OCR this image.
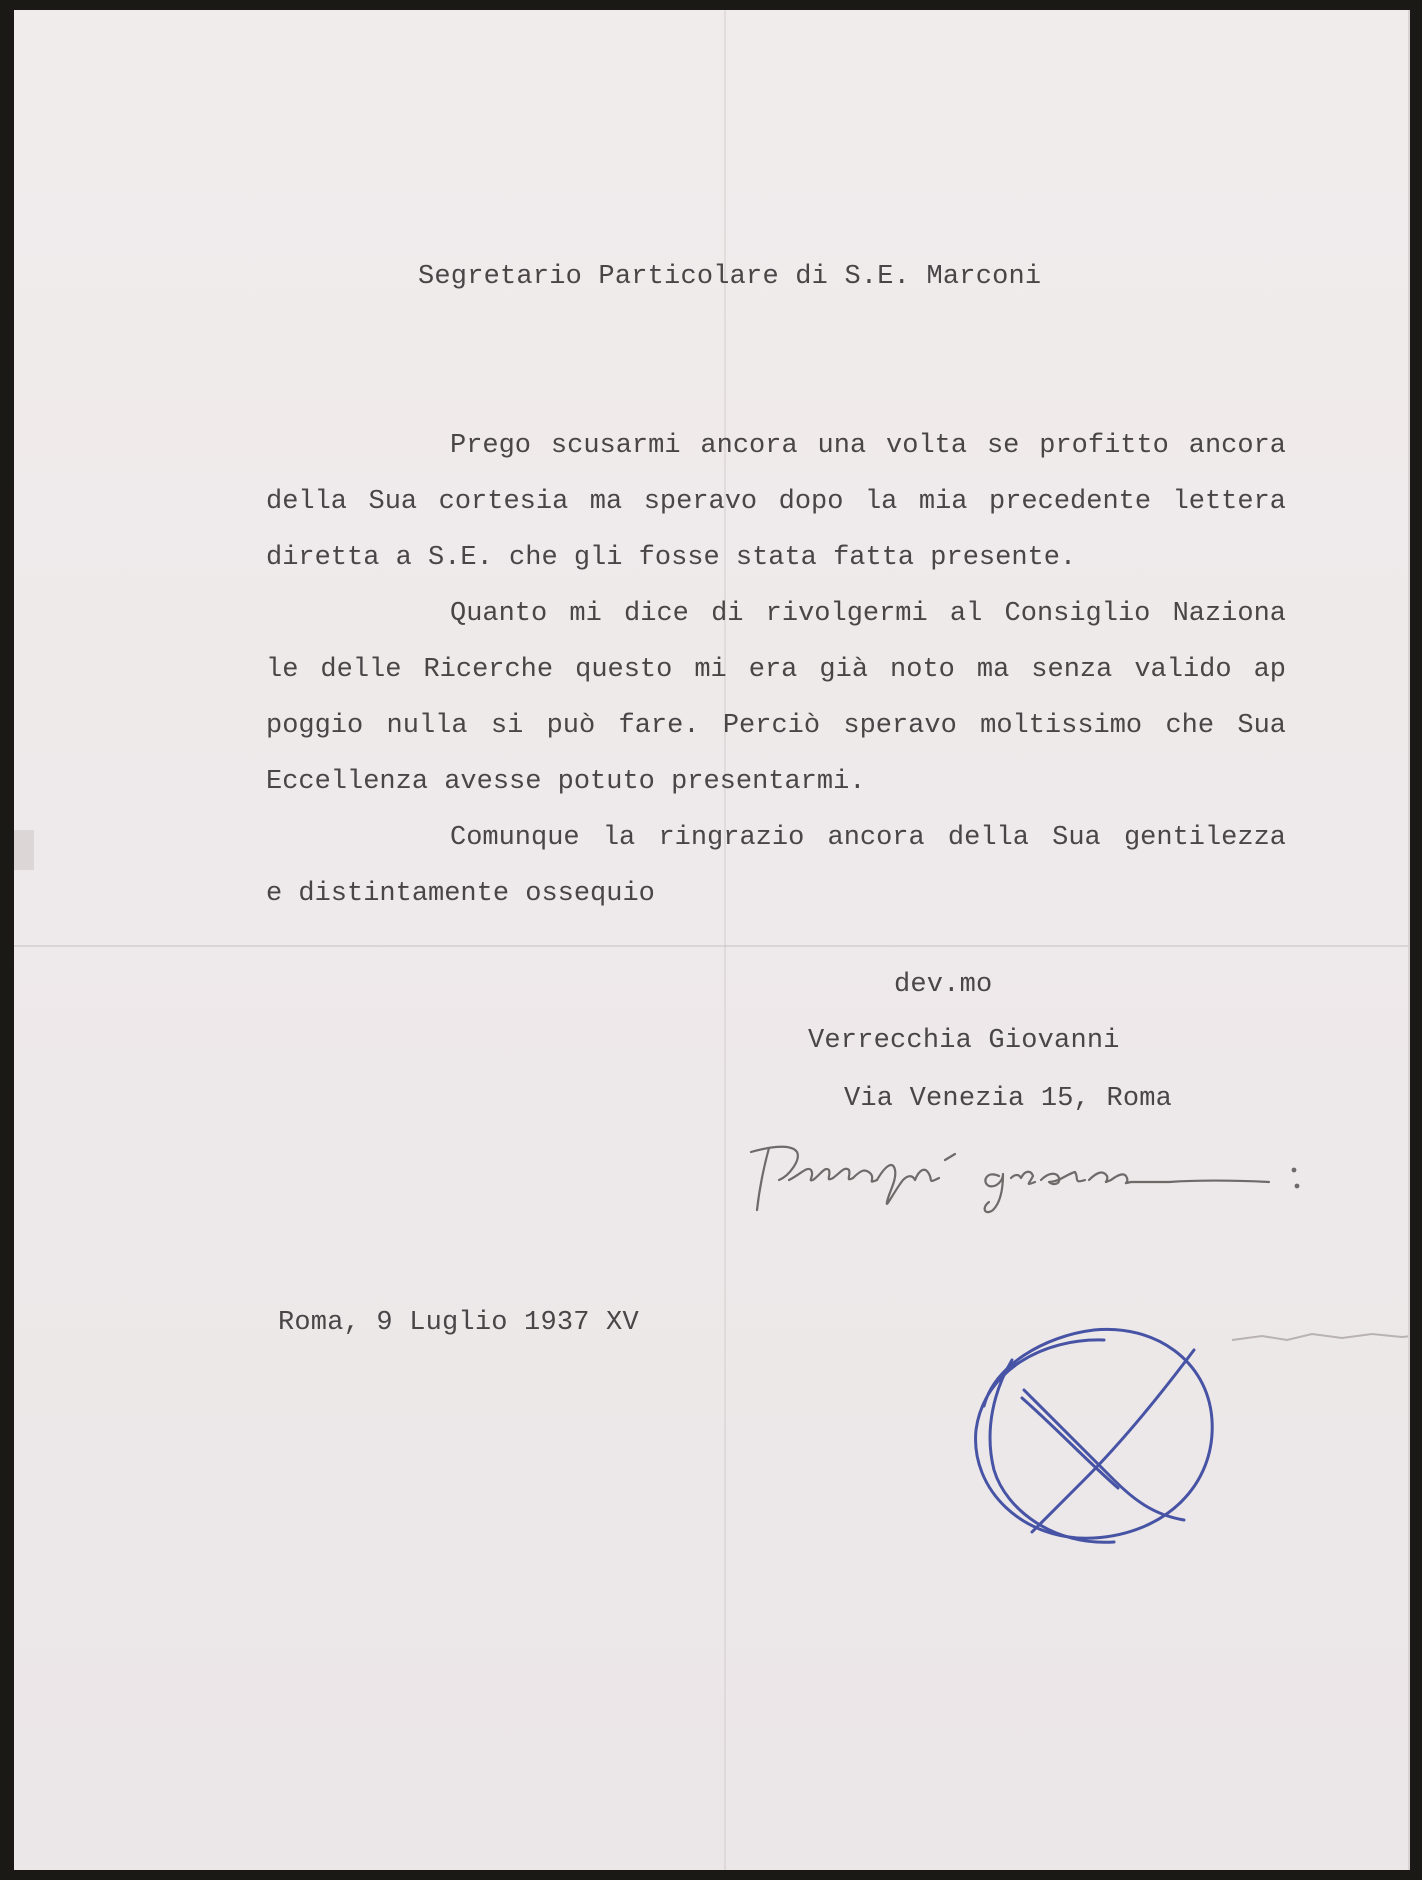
Segretario Particolare di S.E. Marconi
Prego scusarmi ancora una volta se profitto ancora
della Sua cortesia ma speravo dopo la mia precedente lettera
diretta a S.E. che gli fosse stata fatta presente.
Quanto mi dice di rivolgermi al Consiglio Naziona
le delle Ricerche questo mi era già noto ma senza valido ap
poggio nulla si può fare. Perciò speravo moltissimo che Sua
Eccellenza avesse potuto presentarmi.
Comunque la ringrazio ancora della Sua gentilezza
e distintamente ossequio
dev.mo
Verrecchia Giovanni
Via Venezia 15, Roma
Roma, 9 Luglio 1937 XV
